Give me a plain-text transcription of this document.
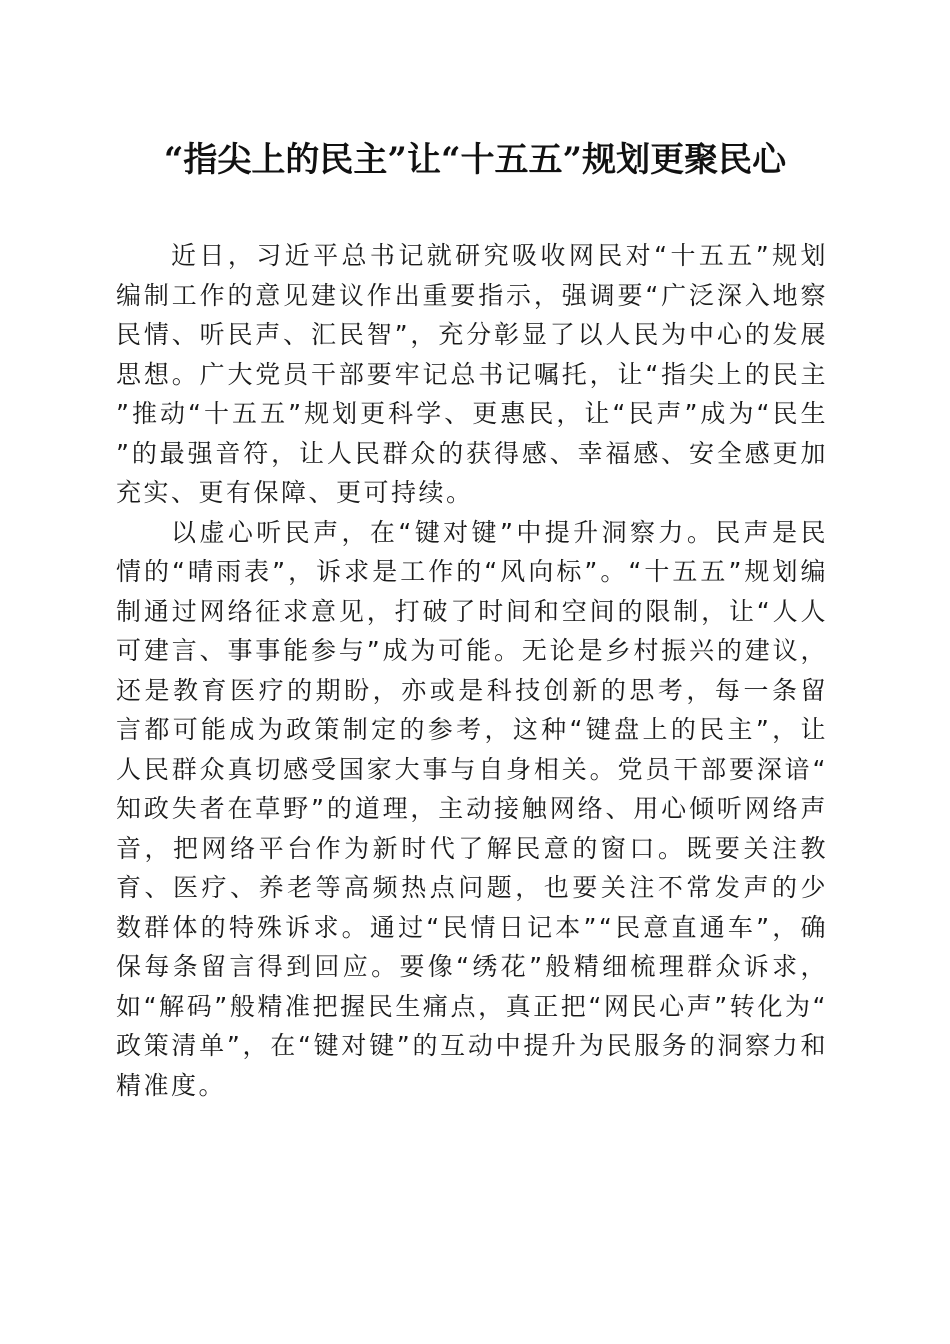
“指尖上的民主”让“十五五”规划更聚民心

近日，习近平总书记就研究吸收网民对“十五五”规划编制工作的意见建议作出重要指示，强调要“广泛深入地察民情、听民声、汇民智”，充分彰显了以人民为中心的发展思想。广大党员干部要牢记总书记嘱托，让“指尖上的民主”推动“十五五”规划更科学、更惠民，让“民声”成为“民生”的最强音符，让人民群众的获得感、幸福感、安全感更加充实、更有保障、更可持续。

以虚心听民声，在“键对键”中提升洞察力。民声是民情的“晴雨表”，诉求是工作的“风向标”。“十五五”规划编制通过网络征求意见，打破了时间和空间的限制，让“人人可建言、事事能参与”成为可能。无论是乡村振兴的建议，还是教育医疗的期盼，亦或是科技创新的思考，每一条留言都可能成为政策制定的参考，这种“键盘上的民主”，让人民群众真切感受国家大事与自身相关。党员干部要深谙“知政失者在草野”的道理，主动接触网络、用心倾听网络声音，把网络平台作为新时代了解民意的窗口。既要关注教育、医疗、养老等高频热点问题，也要关注不常发声的少数群体的特殊诉求。通过“民情日记本”“民意直通车”，确保每条留言得到回应。要像“绣花”般精细梳理群众诉求，如“解码”般精准把握民生痛点，真正把“网民心声”转化为“政策清单”，在“键对键”的互动中提升为民服务的洞察力和精准度。
